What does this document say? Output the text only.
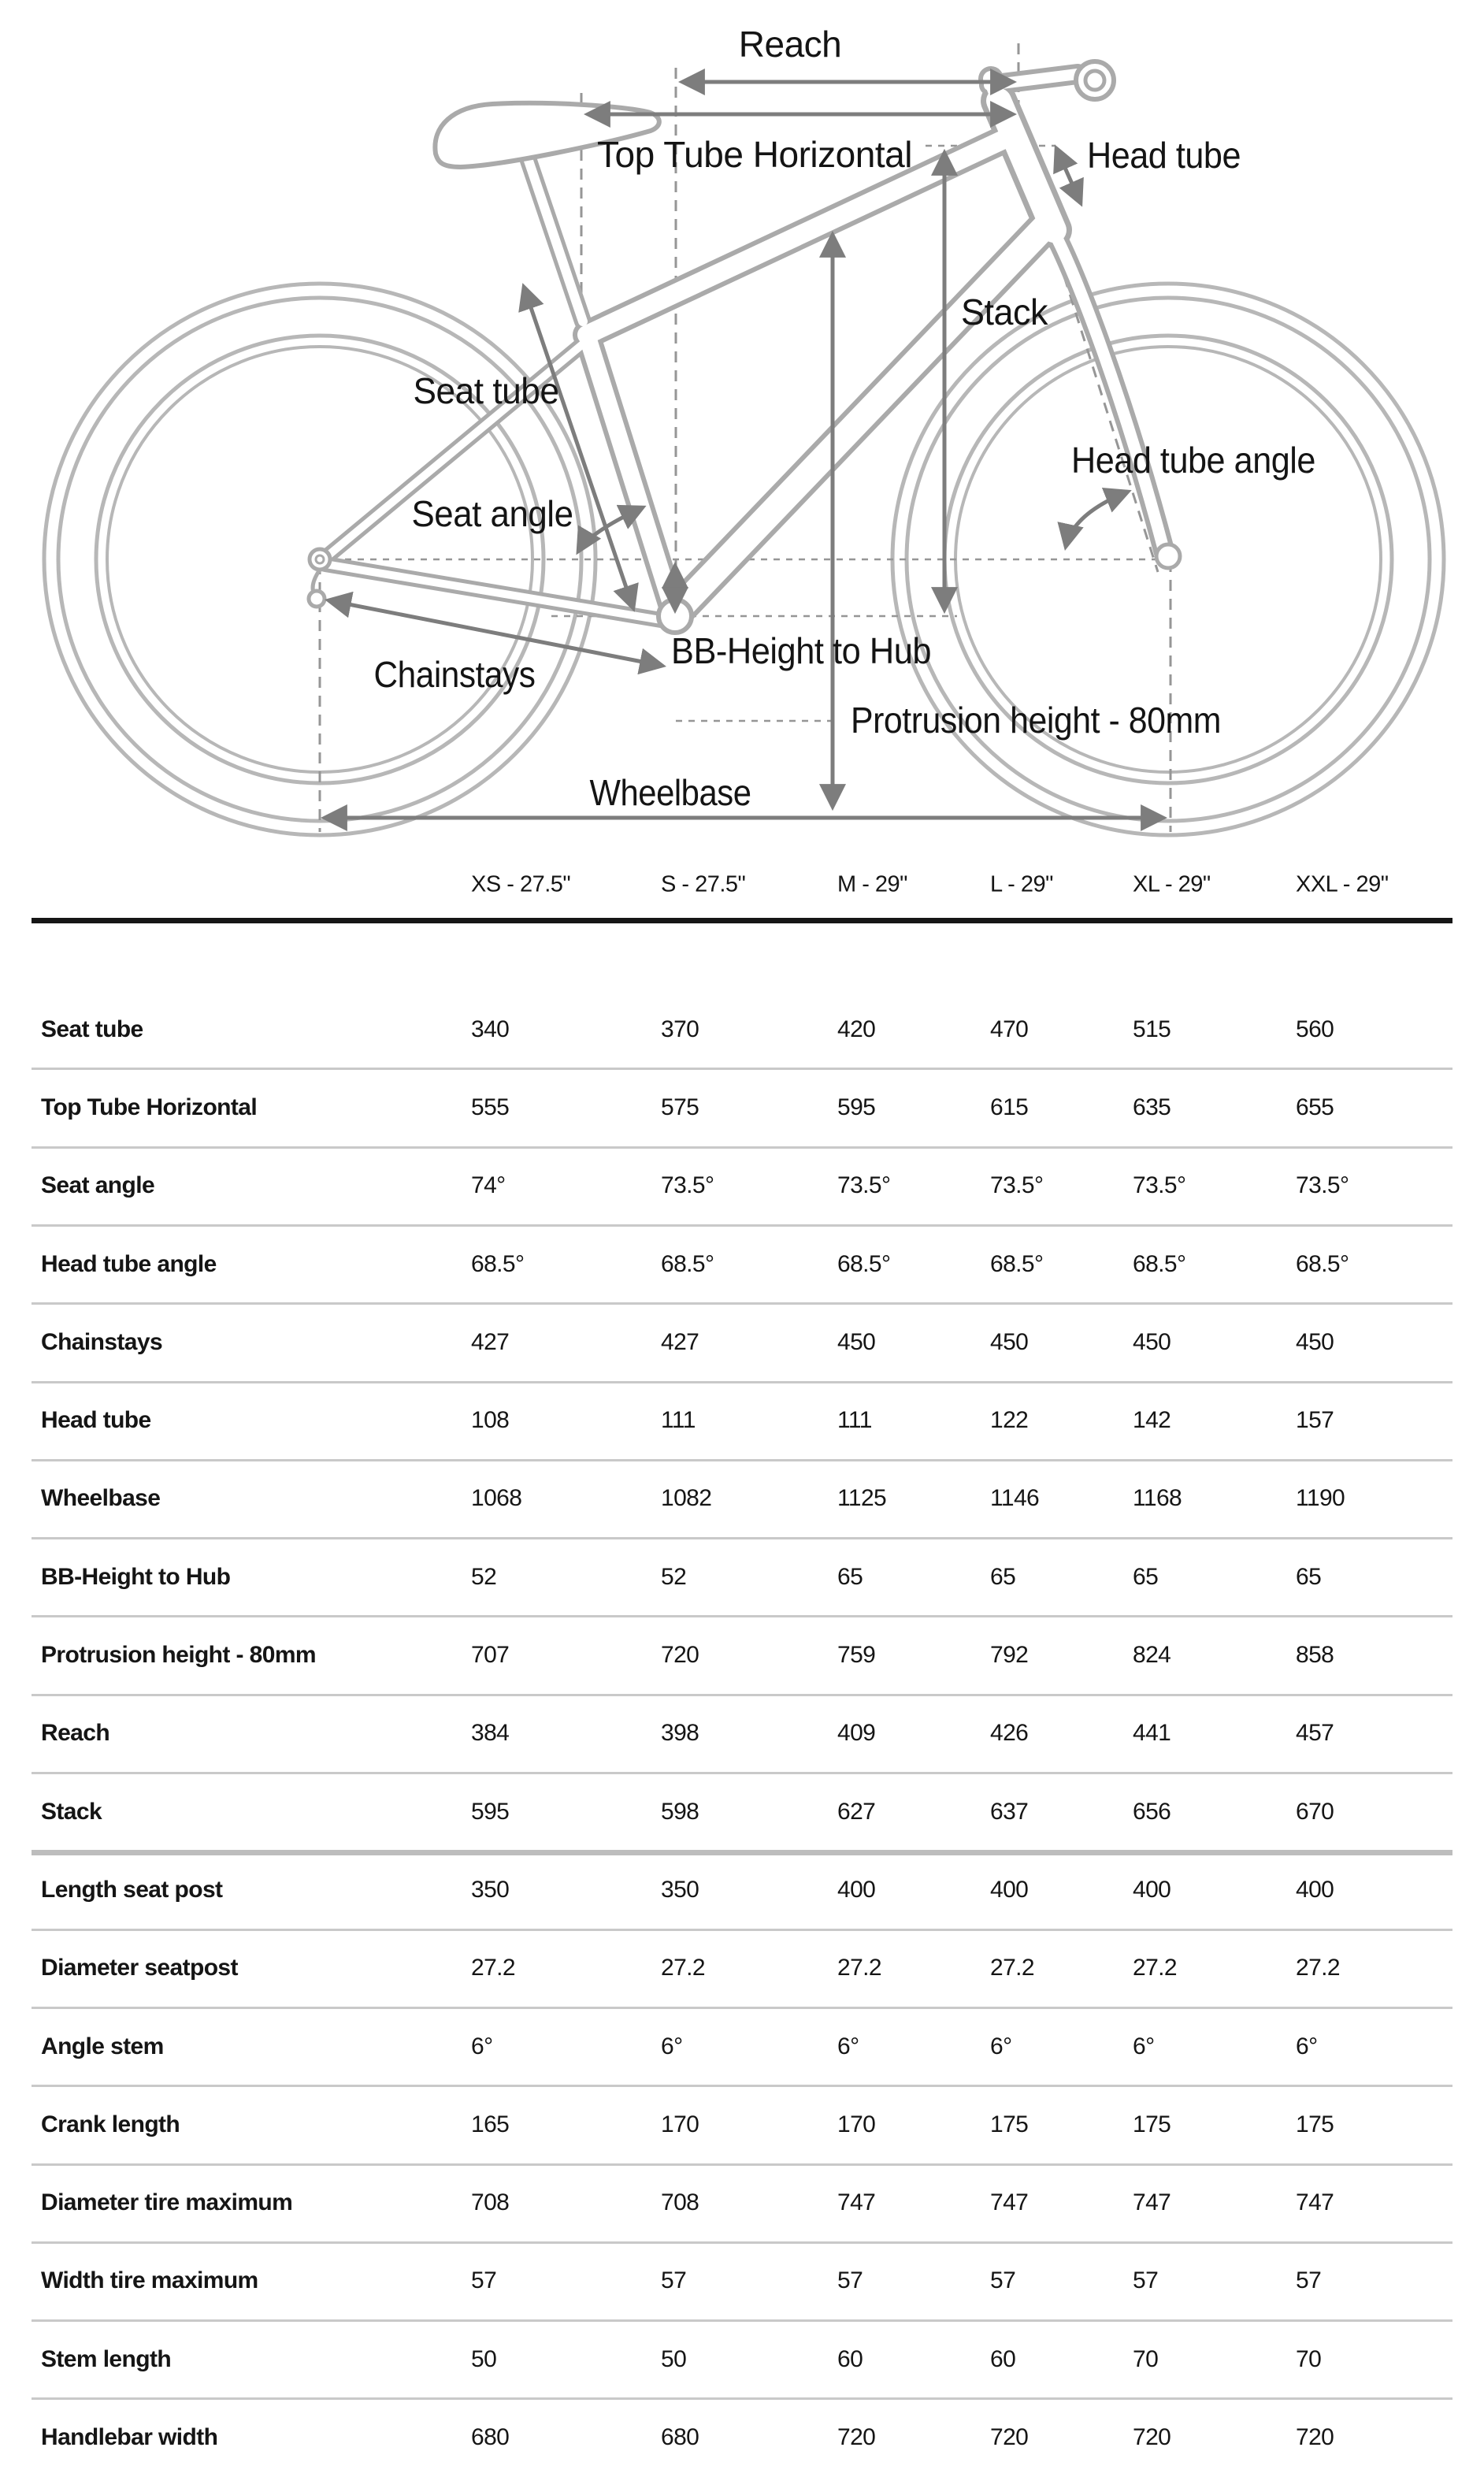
Reach
Top Tube Horizontal	Head tube
Stack
Seat tube
Seat angle
Head tube angle
Chainstays
BB-Height to Hub
Protrusion height - 80mm
Wheelbase
XS - 27.5"	S - 27.5"	M - 29"	L - 29"	XL - 29"	XXL - 29"
Seat tube	340	370	420	470	515	560
Top Tube Horizontal	555	575	595	615	635	655
Seat angle	74°	73.5°	73.5°	73.5°	73.5°	73.5°
Head tube angle	68.5°	68.5°	68.5°	68.5°	68.5°	68.5°
Chainstays	427	427	450	450	450	450
Head tube	108	111	111	122	142	157
Wheelbase	1068	1082	1125	1146	1168	1190
BB-Height to Hub	52	52	65	65	65	65
Protrusion height - 80mm	707	720	759	792	824	858
Reach	384	398	409	426	441	457
Stack	595	598	627	637	656	670
Length seat post	350	350	400	400	400	400
Diameter seatpost	27.2	27.2	27.2	27.2	27.2	27.2
Angle stem	6°	6°	6°	6°	6°	6°
Crank length	165	170	170	175	175	175
Diameter tire maximum	708	708	747	747	747	747
Width tire maximum	57	57	57	57	57	57
Stem length	50	50	60	60	70	70
Handlebar width	680	680	720	720	720	720
